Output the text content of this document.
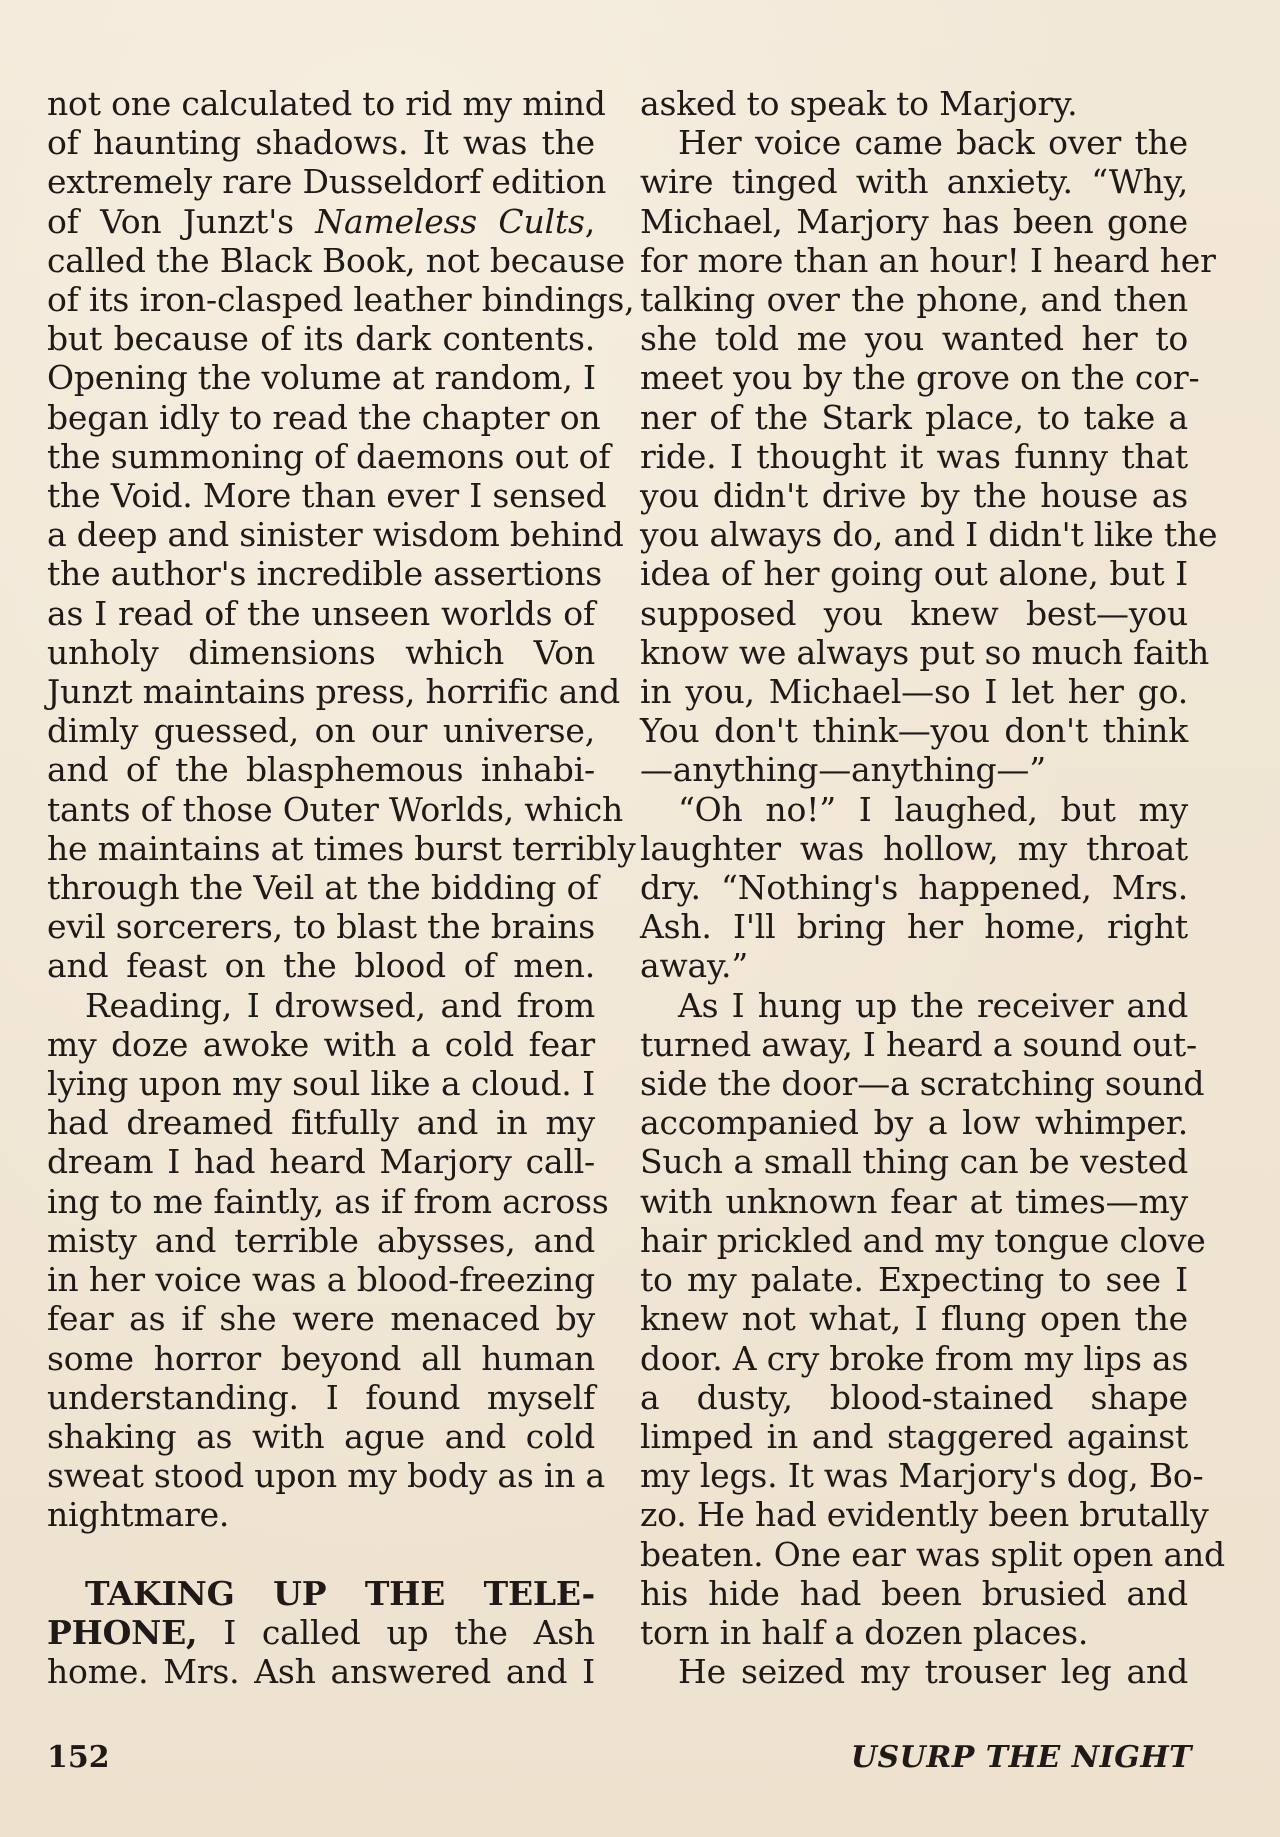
not one calculated to rid my mind
of haunting shadows. It was the
extremely rare Dusseldorf edition
of Von Junzt's Nameless Cults,
called the Black Book, not because
of its iron-clasped leather bindings,
but because of its dark contents.
Opening the volume at random, I
began idly to read the chapter on
the summoning of daemons out of
the Void. More than ever I sensed
a deep and sinister wisdom behind
the author's incredible assertions
as I read of the unseen worlds of
unholy dimensions which Von
Junzt maintains press, horrific and
dimly guessed, on our universe,
and of the blasphemous inhabi-
tants of those Outer Worlds, which
he maintains at times burst terribly
through the Veil at the bidding of
evil sorcerers, to blast the brains
and feast on the blood of men.
Reading, I drowsed, and from
my doze awoke with a cold fear
lying upon my soul like a cloud. I
had dreamed fitfully and in my
dream I had heard Marjory call-
ing to me faintly, as if from across
misty and terrible abysses, and
in her voice was a blood-freezing
fear as if she were menaced by
some horror beyond all human
understanding. I found myself
shaking as with ague and cold
sweat stood upon my body as in a
nightmare.
TAKING UP THE TELE-
PHONE, I called up the Ash
home. Mrs. Ash answered and I
asked to speak to Marjory.
Her voice came back over the
wire tinged with anxiety. “Why,
Michael, Marjory has been gone
for more than an hour! I heard her
talking over the phone, and then
she told me you wanted her to
meet you by the grove on the cor-
ner of the Stark place, to take a
ride. I thought it was funny that
you didn't drive by the house as
you always do, and I didn't like the
idea of her going out alone, but I
supposed you knew best—you
know we always put so much faith
in you, Michael—so I let her go.
You don't think—you don't think
—anything—anything—”
“Oh no!” I laughed, but my
laughter was hollow, my throat
dry. “Nothing's happened, Mrs.
Ash. I'll bring her home, right
away.”
As I hung up the receiver and
turned away, I heard a sound out-
side the door—a scratching sound
accompanied by a low whimper.
Such a small thing can be vested
with unknown fear at times—my
hair prickled and my tongue clove
to my palate. Expecting to see I
knew not what, I flung open the
door. A cry broke from my lips as
a dusty, blood-stained shape
limped in and staggered against
my legs. It was Marjory's dog, Bo-
zo. He had evidently been brutally
beaten. One ear was split open and
his hide had been brusied and
torn in half a dozen places.
He seized my trouser leg and
152	USURP THE NIGHT
